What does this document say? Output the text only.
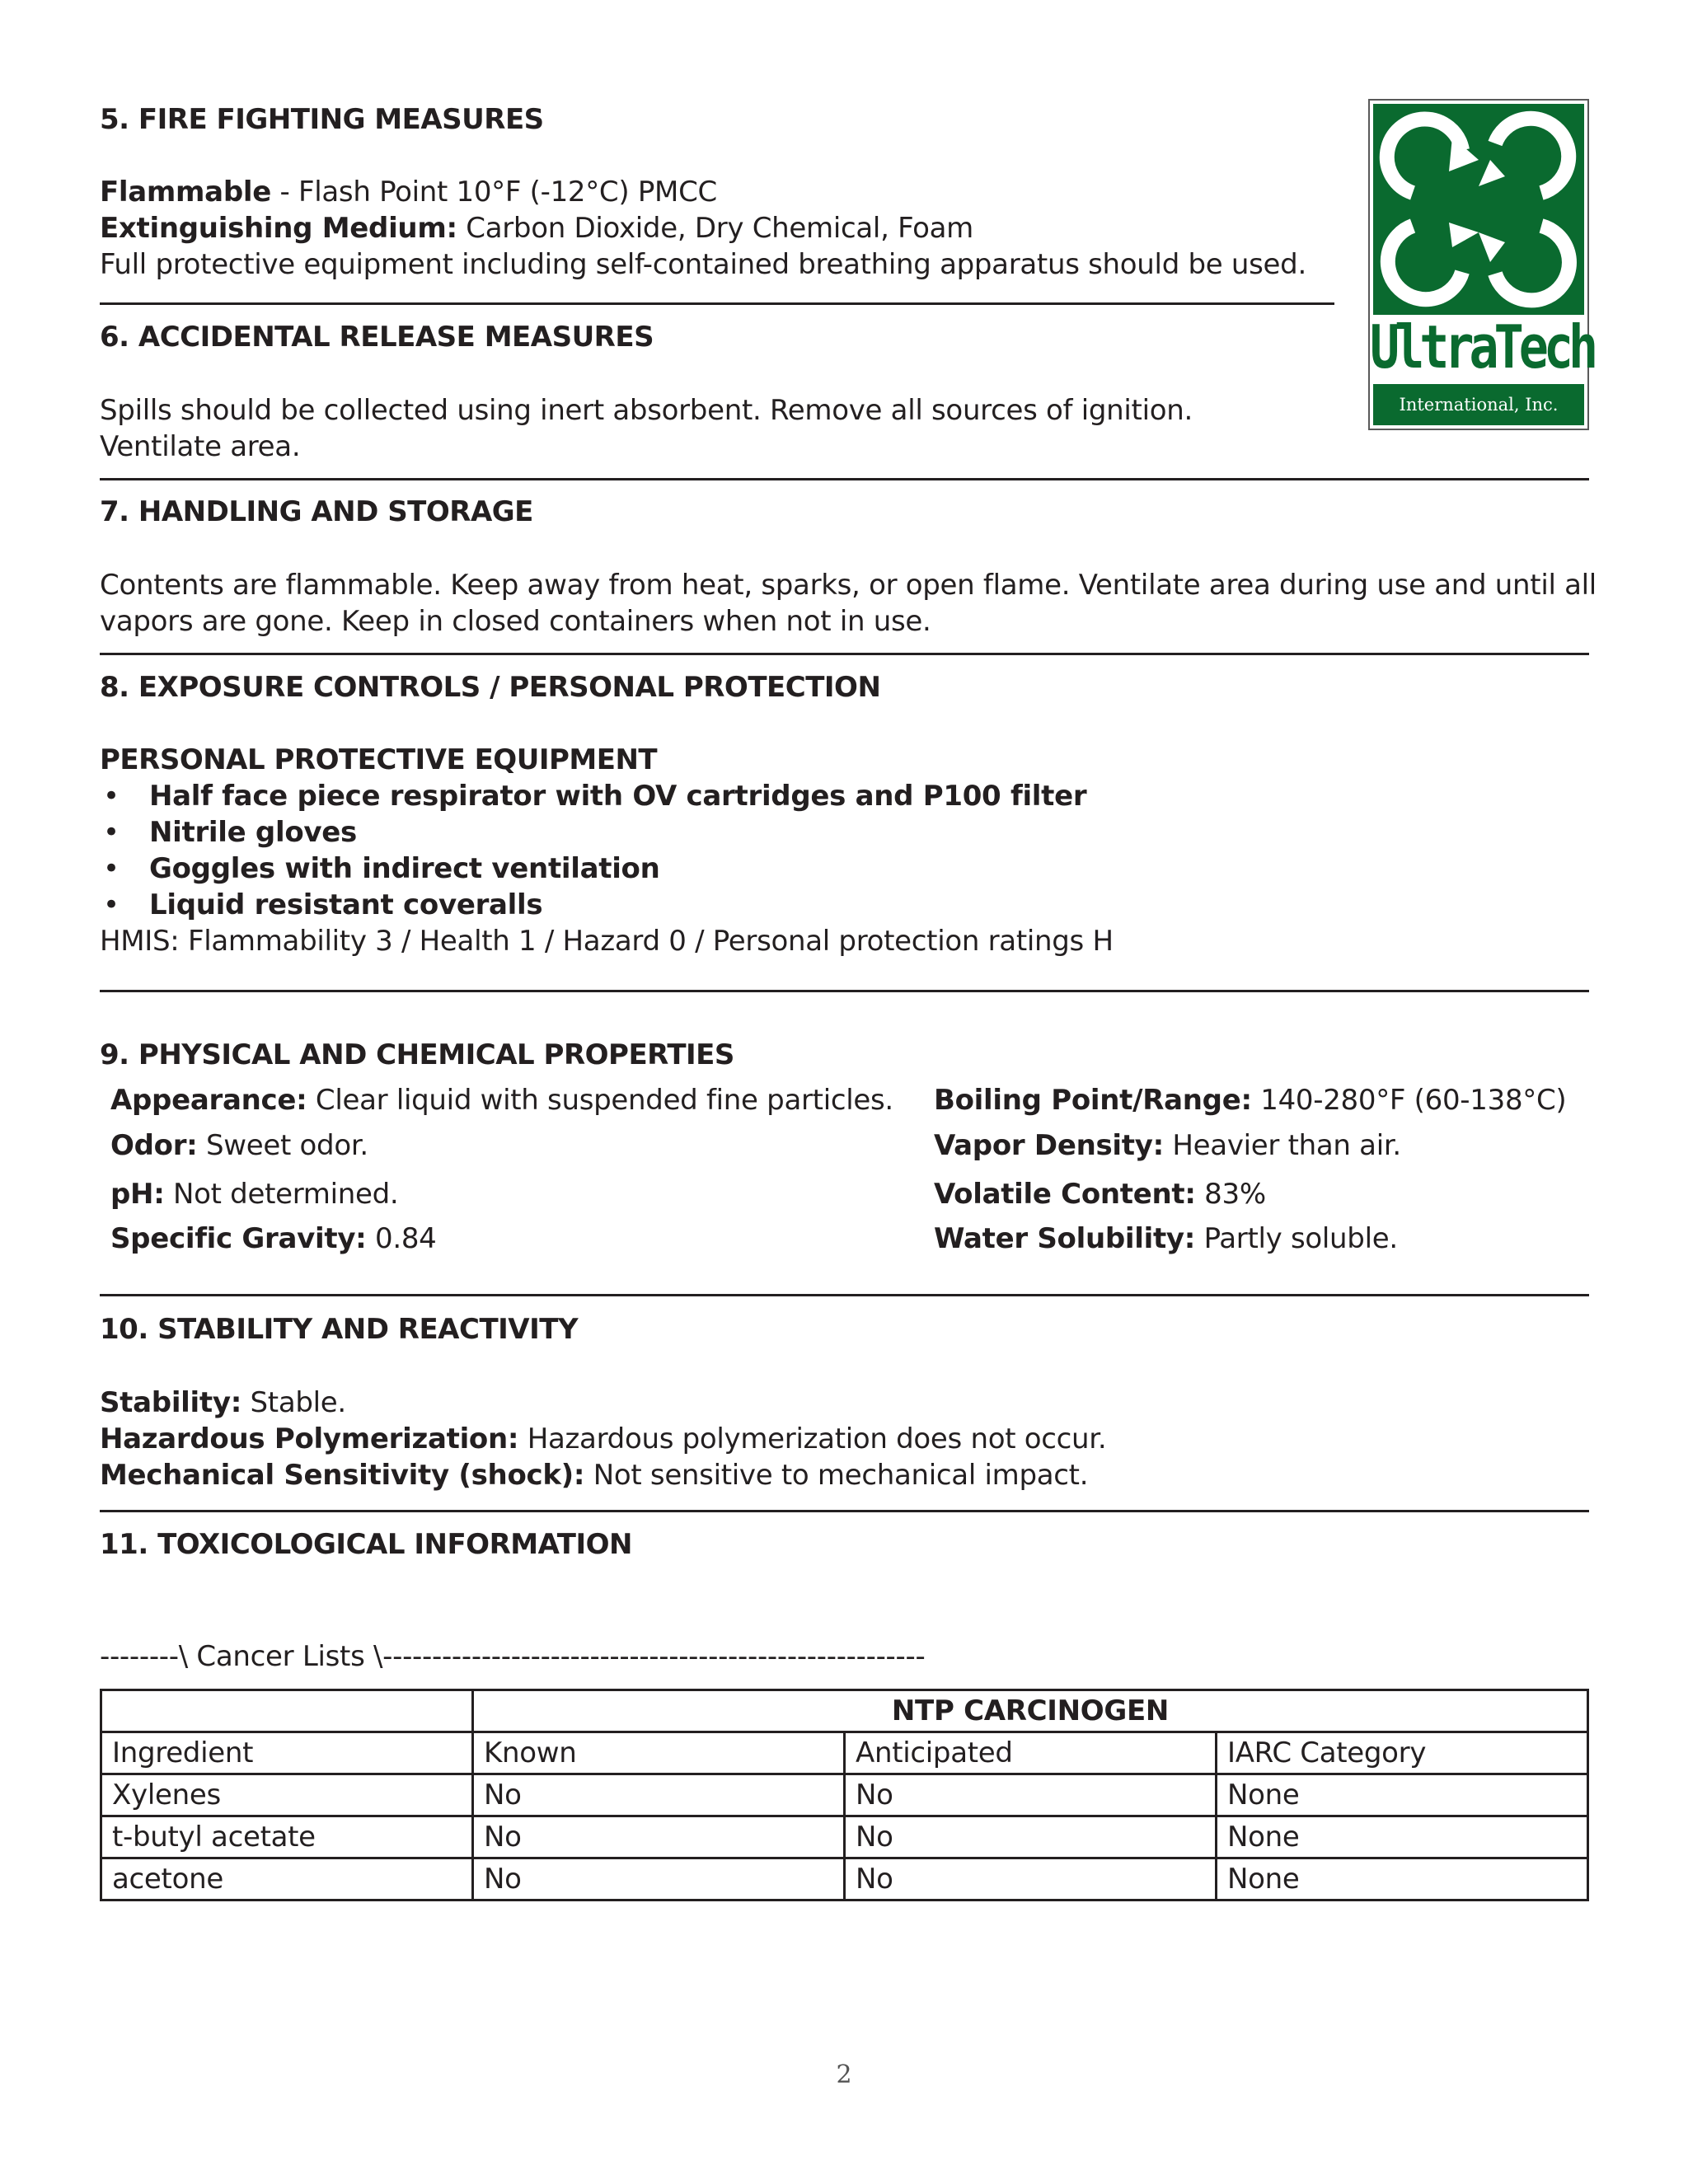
UltraTech
International, Inc.
5. FIRE FIGHTING MEASURES
Flammable - Flash Point 10°F (-12°C) PMCC
Extinguishing Medium: Carbon Dioxide, Dry Chemical, Foam
Full protective equipment including self-contained breathing apparatus should be used.
6. ACCIDENTAL RELEASE MEASURES
Spills should be collected using inert absorbent. Remove all sources of ignition.
Ventilate area.
7. HANDLING AND STORAGE
Contents are flammable. Keep away from heat, sparks, or open flame. Ventilate area during use and until all
vapors are gone. Keep in closed containers when not in use.
8. EXPOSURE CONTROLS / PERSONAL PROTECTION
PERSONAL PROTECTIVE EQUIPMENT
• Half face piece respirator with OV cartridges and P100 filter
• Nitrile gloves
• Goggles with indirect ventilation
• Liquid resistant coveralls
HMIS: Flammability 3 / Health 1 / Hazard 0 / Personal protection ratings H
9. PHYSICAL AND CHEMICAL PROPERTIES
Appearance: Clear liquid with suspended fine particles. Boiling Point/Range: 140-280°F (60-138°C)
Odor: Sweet odor.	Vapor Density: Heavier than air.
pH: Not determined.	Volatile Content: 83%
Specific Gravity: 0.84	Water Solubility: Partly soluble.
10. STABILITY AND REACTIVITY
Stability: Stable.
Hazardous Polymerization: Hazardous polymerization does not occur.
Mechanical Sensitivity (shock): Not sensitive to mechanical impact.
11. TOXICOLOGICAL INFORMATION
--------\ Cancer Lists \-------------------------------------------------------
	NTP CARCINOGEN		
Ingredient	Known	Anticipated	IARC Category
Xylenes	No	No	None
t-butyl acetate	No	No	None
acetone	No	No	None
2
